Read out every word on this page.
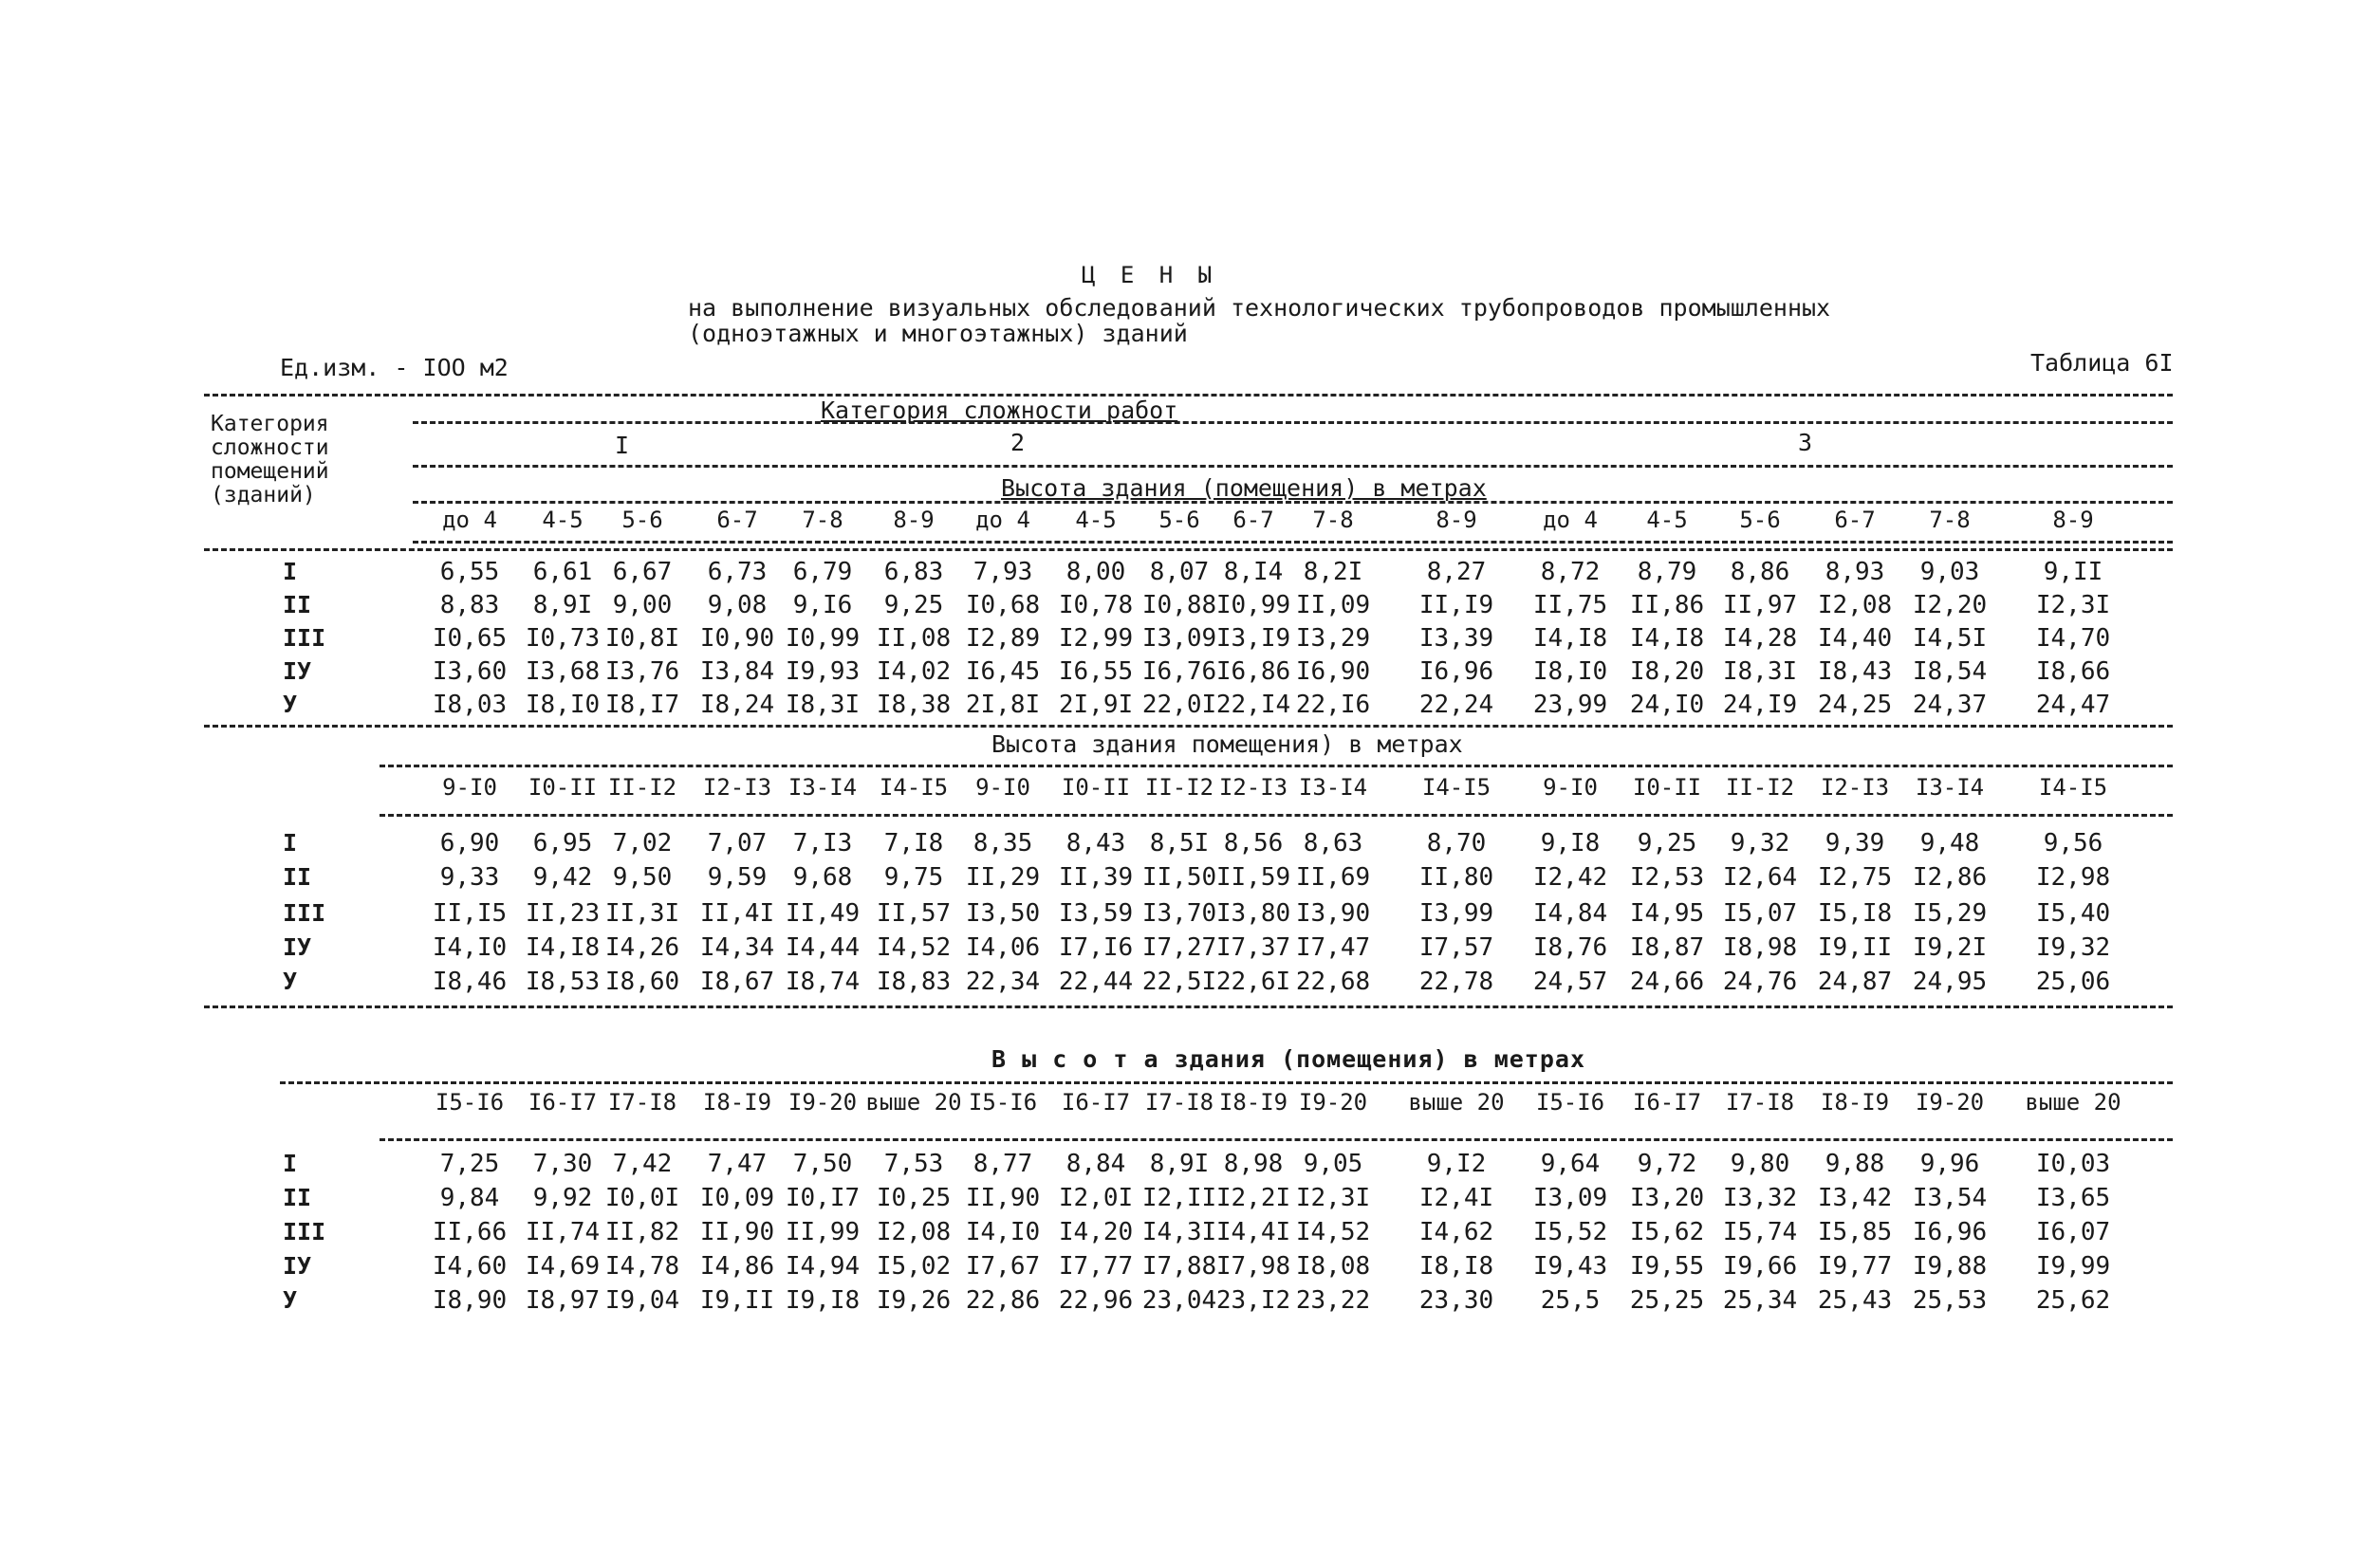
Ц Е Н Ы
на выполнение визуальных обследований технологических трубопроводов промышленных
(одноэтажных и многоэтажных) зданий
Ед.изм. - IOO м2	Таблица 6I
Категория
сложности
помещений
(зданий)
Категория сложности работ
I	2	3
Высота здания (помещения) в метрах
до 4	4-5	5-6	6-7	7-8	8-9	до 4	4-5	5-6	6-7	7-8	8-9	до 4	4-5	5-6	6-7	7-8	8-9
I	6,55	6,61 6,67	6,73	6,79	6,83	7,93	8,00 8,07 8,I4 8,2I	8,27	8,72	8,79	8,86	8,93	9,03	9,II
II	8,83	8,9I 9,00	9,08	9,I6	9,25 I0,68 I0,78 I0,88 I0,99 II,09	II,I9	II,75 II,86 II,97 I2,08 I2,20	I2,3I
III	I0,65 I0,73 I0,8I I0,90 I0,99 II,08 I2,89 I2,99 I3,09 I3,I9 I3,29	I3,39	I4,I8 I4,I8 I4,28 I4,40 I4,5I	I4,70
IУ	I3,60 I3,68 I3,76 I3,84 I9,93 I4,02 I6,45 I6,55 I6,76 I6,86 I6,90	I6,96	I8,I0 I8,20 I8,3I I8,43 I8,54	I8,66
У	I8,03 I8,I0 I8,I7 I8,24 I8,3I I8,38 2I,8I 2I,9I 22,0I 22,I4 22,I6	22,24	23,99 24,I0 24,I9 24,25 24,37	24,47
Высота здания помещения) в метрах
9-I0	I0-II II-I2	I2-I3 I3-I4 I4-I5	9-I0	I0-II II-I2 I2-I3 I3-I4	I4-I5	9-I0	I0-II	II-I2	I2-I3	I3-I4	I4-I5
I	6,90	6,95 7,02	7,07	7,I3	7,I8	8,35	8,43 8,5I 8,56 8,63	8,70	9,I8	9,25	9,32	9,39	9,48	9,56
II	9,33	9,42 9,50	9,59	9,68	9,75 II,29 II,39 II,50 II,59 II,69	II,80	I2,42 I2,53 I2,64 I2,75 I2,86	I2,98
III	II,I5 II,23 II,3I II,4I II,49 II,57 I3,50 I3,59 I3,70 I3,80 I3,90	I3,99	I4,84 I4,95 I5,07 I5,I8 I5,29	I5,40
IУ	I4,I0 I4,I8 I4,26 I4,34 I4,44 I4,52 I4,06 I7,I6 I7,27 I7,37 I7,47	I7,57	I8,76 I8,87 I8,98 I9,II I9,2I	I9,32
У	I8,46 I8,53 I8,60 I8,67 I8,74 I8,83 22,34 22,44 22,5I 22,6I 22,68	22,78	24,57 24,66 24,76 24,87 24,95	25,06
В ы с о т а здания (помещения) в метрах
I5-I6	I6-I7 I7-I8	I8-I9 I9-20 выше 20 I5-I6	I6-I7 I7-I8 I8-I9 I9-20	выше 20	I5-I6	I6-I7	I7-I8	I8-I9	I9-20	выше 20
I	7,25	7,30 7,42	7,47	7,50	7,53	8,77	8,84 8,9I 8,98 9,05	9,I2	9,64	9,72	9,80	9,88	9,96	I0,03
II	9,84	9,92 I0,0I I0,09 I0,I7 I0,25 II,90 I2,0I I2,II I2,2I I2,3I	I2,4I	I3,09 I3,20 I3,32 I3,42 I3,54	I3,65
III	II,66 II,74 II,82 II,90 II,99 I2,08 I4,I0 I4,20 I4,3I I4,4I I4,52	I4,62	I5,52 I5,62 I5,74 I5,85 I6,96	I6,07
IУ	I4,60 I4,69 I4,78 I4,86 I4,94 I5,02 I7,67 I7,77 I7,88 I7,98 I8,08	I8,I8	I9,43 I9,55 I9,66 I9,77 I9,88	I9,99
У	I8,90 I8,97 I9,04 I9,II I9,I8 I9,26 22,86 22,96 23,04 23,I2 23,22	23,30	25,5	25,25 25,34 25,43 25,53	25,62
